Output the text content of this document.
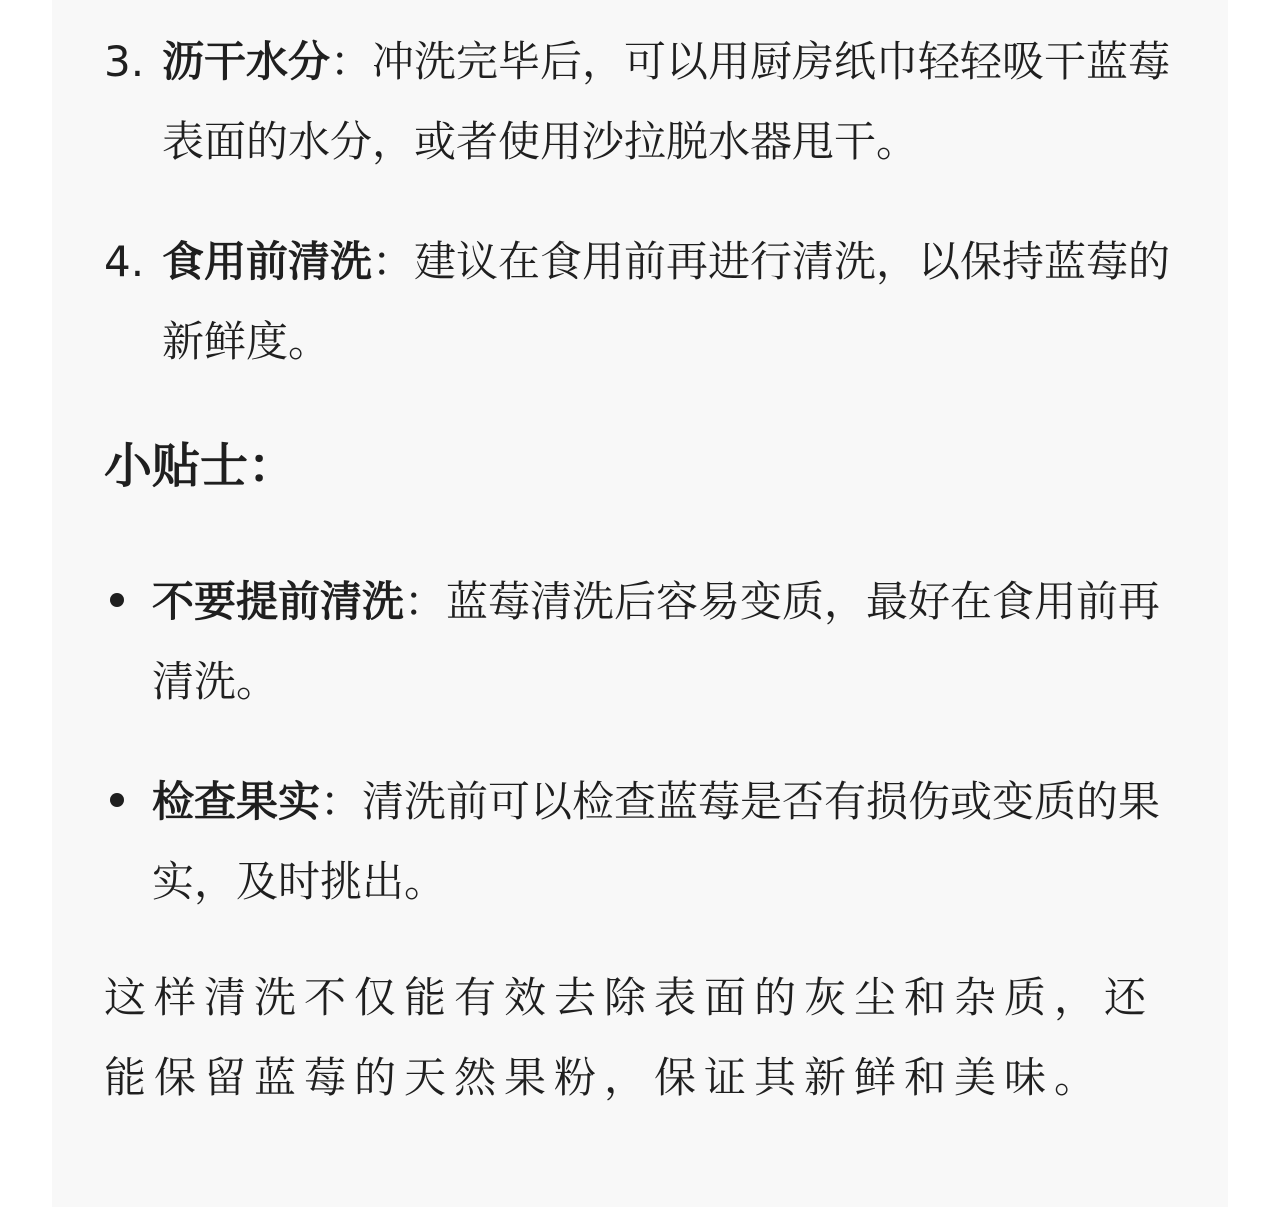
3. 沥干水分：冲洗完毕后，可以用厨房纸巾轻轻吸干蓝莓表面的水分，或者使用沙拉脱水器甩干。
4. 食用前清洗：建议在食用前再进行清洗，以保持蓝莓的新鲜度。
小贴士：
不要提前清洗：蓝莓清洗后容易变质，最好在食用前再清洗。
检查果实：清洗前可以检查蓝莓是否有损伤或变质的果实，及时挑出。
这样清洗不仅能有效去除表面的灰尘和杂质，还能保留蓝莓的天然果粉，保证其新鲜和美味。
